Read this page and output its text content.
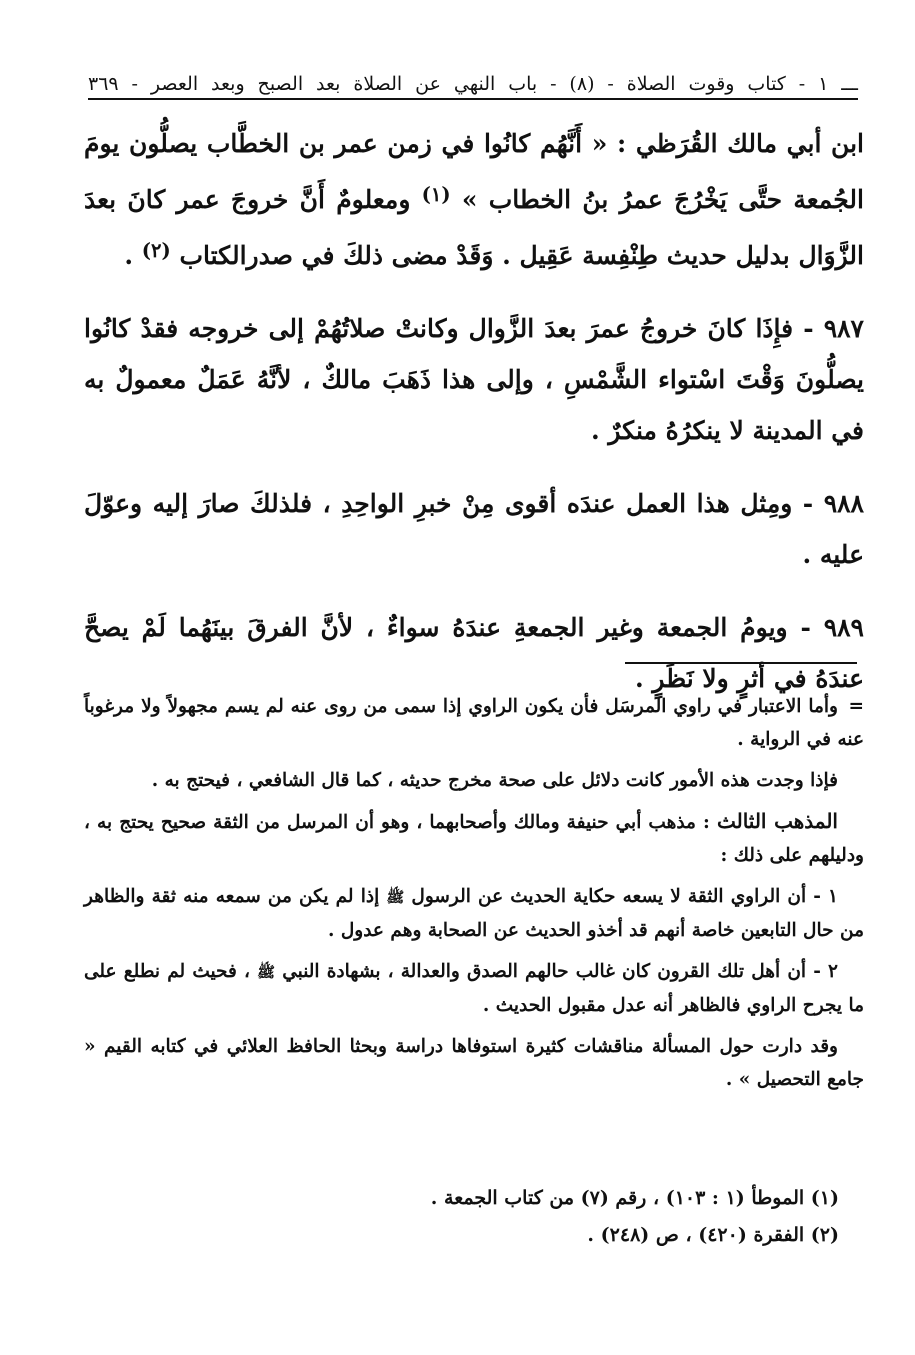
ـــ ١ - كتاب وقوت الصلاة - (٨) - باب النهي عن الصلاة بعد الصبح وبعد العصر - ٣٦٩

ابن أبي مالك القُرَظي : « أَنَّهُم كانُوا في زمن عمر بن الخطَّاب يصلُّون يومَ الجُمعة حتَّى يَخْرُجَ عمرُ بنُ الخطاب » $^{(١)}$ ومعلومٌ أَنَّ خروجَ عمر كانَ بعدَ الزَّوَال بدليل حديث طِنْفِسة عَقِيل . وَقَدْ مضى ذلكَ في صدرالكتاب $^{(٢)}$ .

٩٨٧ - فإِذَا كانَ خروجُ عمرَ بعدَ الزَّوال وكانتْ صلاتُهُمْ إلى خروجه فقدْ كانُوا يصلُّونَ وَقْتَ اسْتواء الشَّمْسِ ، وإلى هذا ذَهَبَ مالكٌ ، لأنَّهُ عَمَلٌ معمولٌ به في المدينة لا ينكرُهُ منكرٌ .

٩٨٨ - ومِثل هذا العمل عندَه أقوى مِنْ خبرِ الواحِدِ ، فلذلكَ صارَ إليه وعوّلَ عليه .

٩٨٩ - ويومُ الجمعة وغير الجمعةِ عندَهُ سواءٌ ، لأنَّ الفرقَ بينَهُما لَمْ يصحَّ عندَهُ في أثرٍ ولا نَظَرٍ .

=وأما الاعتبار في راوي المرسَل فأن يكون الراوي إذا سمى من روى عنه لم يسم مجهولاً ولا مرغوباً عنه في الرواية .

فإذا وجدت هذه الأمور كانت دلائل على صحة مخرج حديثه ، كما قال الشافعي ، فيحتج به .

المذهب الثالث : مذهب أبي حنيفة ومالك وأصحابهما ، وهو أن المرسل من الثقة صحيح يحتج به ، ودليلهم على ذلك :

١ - أن الراوي الثقة لا يسعه حكاية الحديث عن الرسول ﷺ إذا لم يكن من سمعه منه ثقة والظاهر من حال التابعين خاصة أنهم قد أخذو الحديث عن الصحابة وهم عدول .

٢ - أن أهل تلك القرون كان غالب حالهم الصدق والعدالة ، بشهادة النبي ﷺ ، فحيث لم نطلع على ما يجرح الراوي فالظاهر أنه عدل مقبول الحديث .

وقد دارت حول المسألة مناقشات كثيرة استوفاها دراسة وبحثا الحافظ العلائي في كتابه القيم « جامع التحصيل » .

(١) الموطأ (١ : ١٠٣) ، رقم (٧) من كتاب الجمعة .
(٢) الفقرة (٤٢٠) ، ص (٢٤٨) .
